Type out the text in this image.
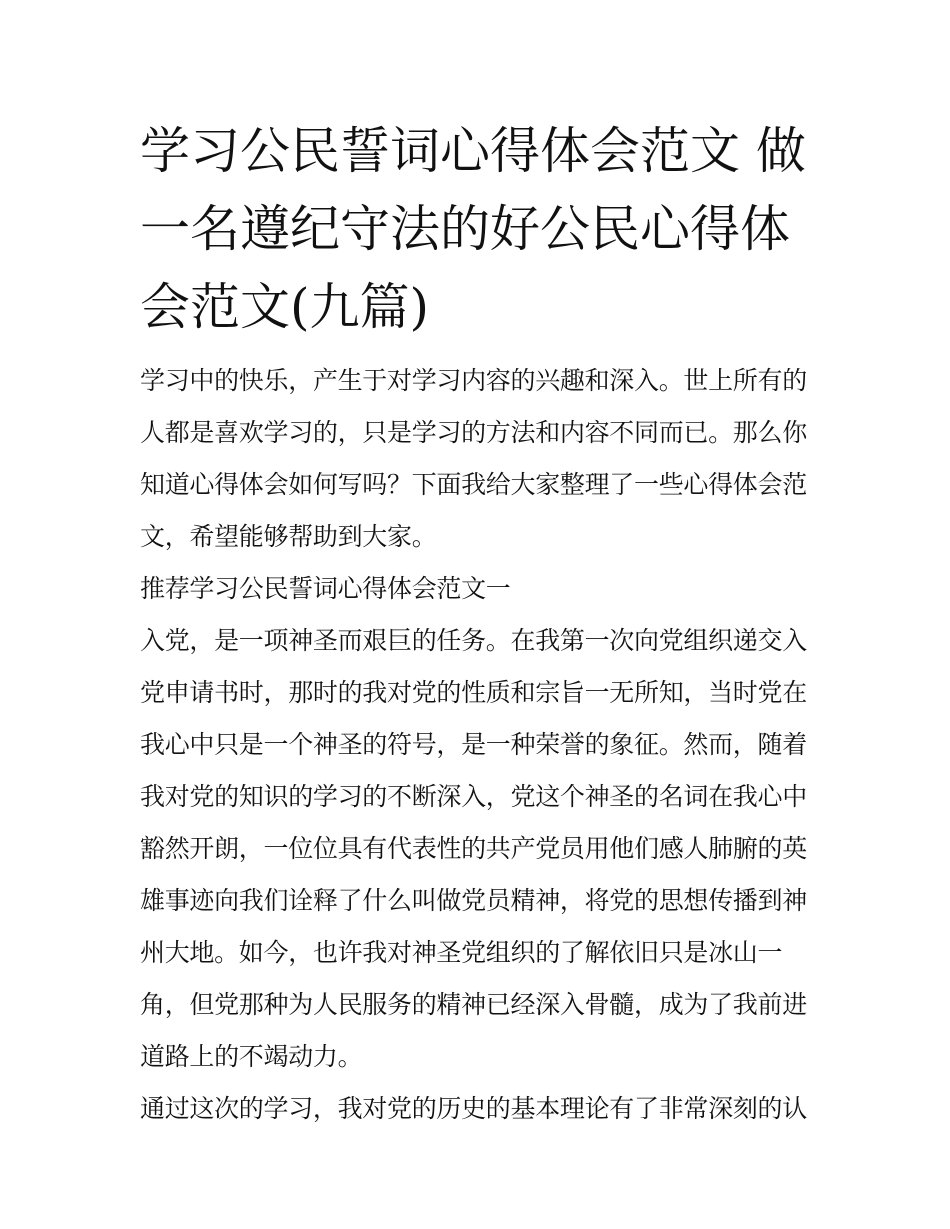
学习公民誓词心得体会范文 做
一名遵纪守法的好公民心得体
会范文(九篇)
学习中的快乐，产生于对学习内容的兴趣和深入。世上所有的
人都是喜欢学习的，只是学习的方法和内容不同而已。那么你
知道心得体会如何写吗？下面我给大家整理了一些心得体会范
文，希望能够帮助到大家。
推荐学习公民誓词心得体会范文一
入党，是一项神圣而艰巨的任务。在我第一次向党组织递交入
党申请书时，那时的我对党的性质和宗旨一无所知，当时党在
我心中只是一个神圣的符号，是一种荣誉的象征。然而，随着
我对党的知识的学习的不断深入，党这个神圣的名词在我心中
豁然开朗，一位位具有代表性的共产党员用他们感人肺腑的英
雄事迹向我们诠释了什么叫做党员精神，将党的思想传播到神
州大地。如今，也许我对神圣党组织的了解依旧只是冰山一
角，但党那种为人民服务的精神已经深入骨髓，成为了我前进
道路上的不竭动力。
通过这次的学习，我对党的历史的基本理论有了非常深刻的认
